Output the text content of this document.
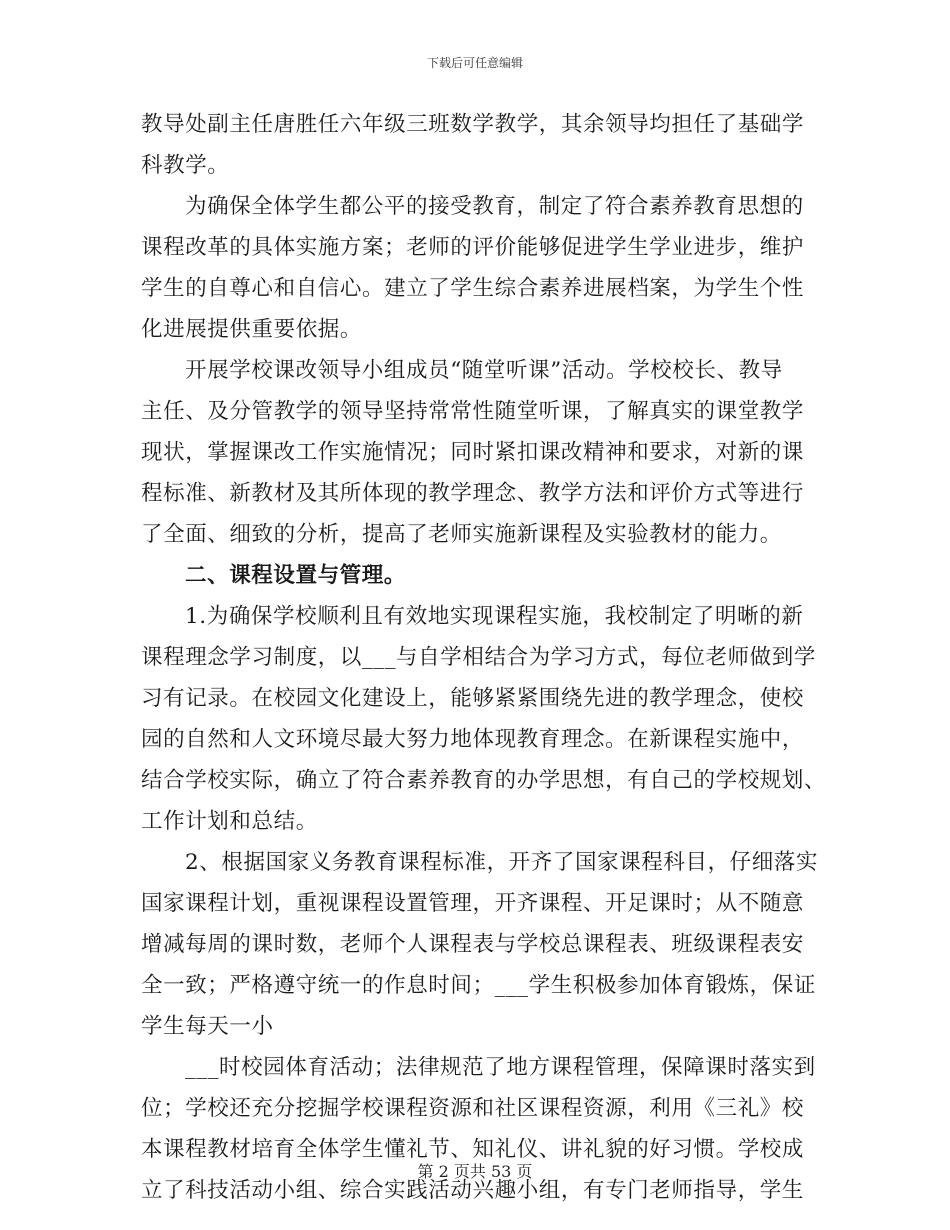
下载后可任意编辑
教导处副主任唐胜任六年级三班数学教学，其余领导均担任了基础学
科教学。
为确保全体学生都公平的接受教育，制定了符合素养教育思想的
课程改革的具体实施方案；老师的评价能够促进学生学业进步，维护
学生的自尊心和自信心。建立了学生综合素养进展档案，为学生个性
化进展提供重要依据。
开展学校课改领导小组成员“随堂听课”活动。学校校长、教导
主任、及分管教学的领导坚持常常性随堂听课，了解真实的课堂教学
现状，掌握课改工作实施情况；同时紧扣课改精神和要求，对新的课
程标准、新教材及其所体现的教学理念、教学方法和评价方式等进行
了全面、细致的分析，提高了老师实施新课程及实验教材的能力。
二、课程设置与管理。
1.为确保学校顺利且有效地实现课程实施，我校制定了明晰的新
课程理念学习制度，以___与自学相结合为学习方式，每位老师做到学
习有记录。在校园文化建设上，能够紧紧围绕先进的教学理念，使校
园的自然和人文环境尽最大努力地体现教育理念。在新课程实施中，
结合学校实际，确立了符合素养教育的办学思想，有自己的学校规划、
工作计划和总结。
2、根据国家义务教育课程标准，开齐了国家课程科目，仔细落实
国家课程计划，重视课程设置管理，开齐课程、开足课时；从不随意
增减每周的课时数，老师个人课程表与学校总课程表、班级课程表安
全一致；严格遵守统一的作息时间；___学生积极参加体育锻炼，保证
学生每天一小
___时校园体育活动；法律规范了地方课程管理，保障课时落实到
位；学校还充分挖掘学校课程资源和社区课程资源，利用《三礼》校
本课程教材培育全体学生懂礼节、知礼仪、讲礼貌的好习惯。学校成
立了科技活动小组、综合实践活动兴趣小组，有专门老师指导，学生
第 2 页共 53 页
